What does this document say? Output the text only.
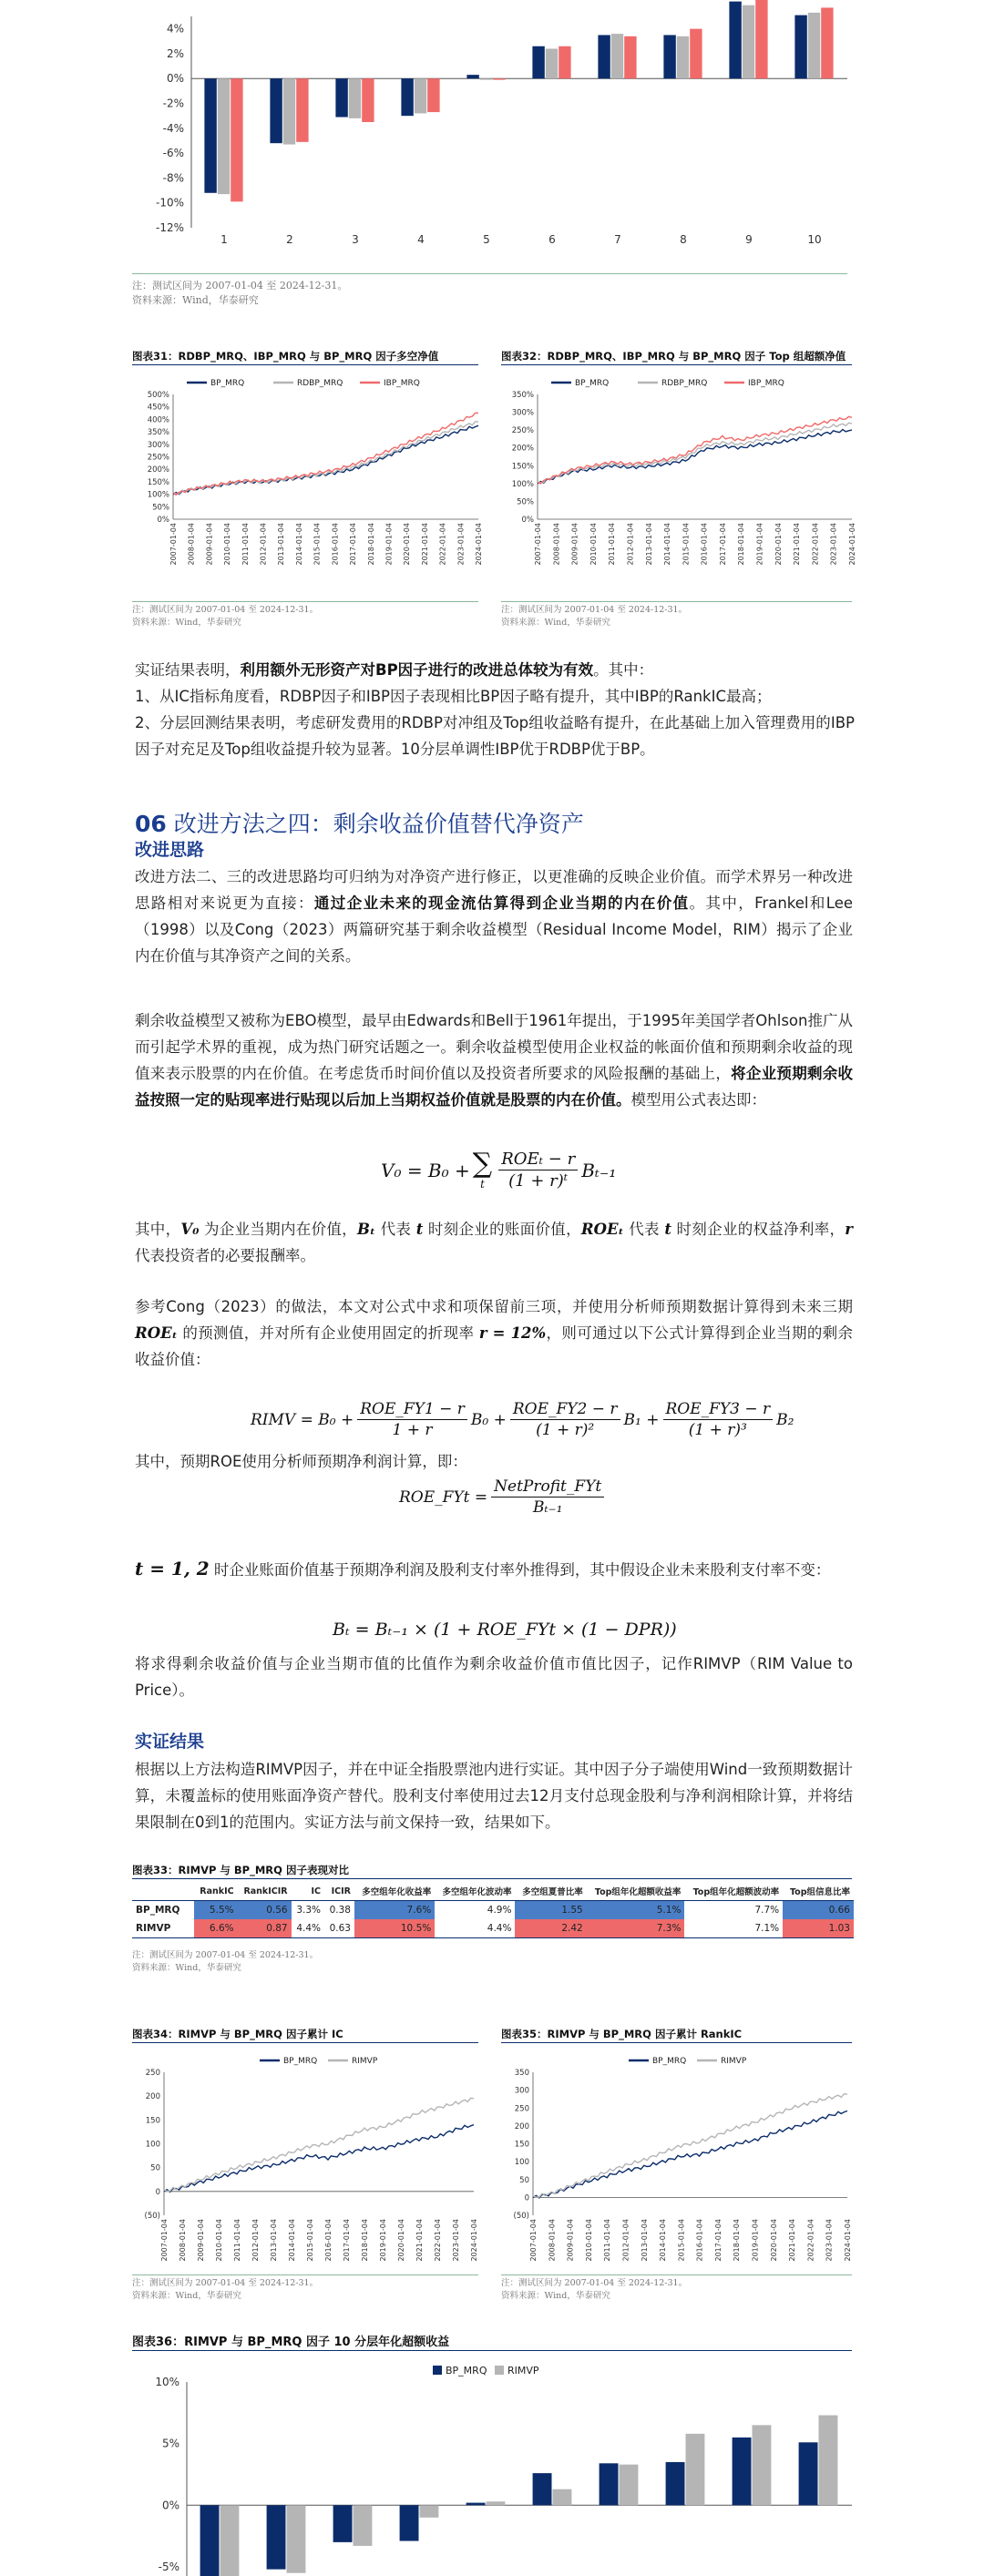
4%
2%
0%
-2%
-4%
-6%
-8%
-10%
-12%
1	2	3	4	5	6	7	8	9	10
注：测试区间为 2007-01-04 至 2024-12-31。
资料来源：Wind，华泰研究
图表31：RDBP_MRQ、IBP_MRQ 与 BP_MRQ 因子多空净值
500%
450%
400%
350%
300%
250%
200%
150%
100%
50%
0%
2007-01-04 2008-01-04 2009-01-04 2010-01-04 2011-01-04 2012-01-04 2013-01-04 2014-01-04 2015-01-04 2016-01-04 2017-01-04 2018-01-04 2019-01-04 2020-01-04 2021-01-04 2022-01-04 2023-01-04 2024-01-04
BP_MRQ	RDBP_MRQ	IBP_MRQ
注：测试区间为 2007-01-04 至 2024-12-31。
资料来源：Wind，华泰研究
图表32：RDBP_MRQ、IBP_MRQ 与 BP_MRQ 因子 Top 组超额净值
350%
300%
250%
200%
150%
100%
50%
0%
2007-01-04 2008-01-04 2009-01-04 2010-01-04 2011-01-04 2012-01-04 2013-01-04 2014-01-04 2015-01-04 2016-01-04 2017-01-04 2018-01-04 2019-01-04 2020-01-04 2021-01-04 2022-01-04 2023-01-04 2024-01-04
BP_MRQ	RDBP_MRQ	IBP_MRQ
注：测试区间为 2007-01-04 至 2024-12-31。
资料来源：Wind，华泰研究
实证结果表明，利用额外无形资产对BP因子进行的改进总体较为有效。其中：
1、从IC指标角度看，RDBP因子和IBP因子表现相比BP因子略有提升，其中IBP的RankIC最高；
2、分层回测结果表明，考虑研发费用的RDBP对冲组及Top组收益略有提升，在此基础上加入管理费用的IBP因子对充足及Top组收益提升较为显著。10分层单调性IBP优于RDBP优于BP。
06 改进方法之四：剩余收益价值替代净资产
改进思路
改进方法二、三的改进思路均可归纳为对净资产进行修正，以更准确的反映企业价值。而学术界另一种改进思路相对来说更为直接：通过企业未来的现金流估算得到企业当期的内在价值。其中，Frankel和Lee（1998）以及Cong（2023）两篇研究基于剩余收益模型（Residual Income Model，RIM）揭示了企业内在价值与其净资产之间的关系。
剩余收益模型又被称为EBO模型，最早由Edwards和Bell于1961年提出，于1995年美国学者Ohlson推广从而引起学术界的重视，成为热门研究话题之一。剩余收益模型使用企业权益的帐面价值和预期剩余收益的现值来表示股票的内在价值。在考虑货币时间价值以及投资者所要求的风险报酬的基础上，将企业预期剩余收益按照一定的贴现率进行贴现以后加上当期权益价值就是股票的内在价值。模型用公式表达即：
V₀ = B₀ + ∑
t $\frac{\text{ROEₜ − r}}{\text{(1 + r)ᵗ}} B_{t-1}$
其中，V₀ 为企业当期内在价值，Bₜ 代表 t 时刻企业的账面价值，ROEₜ 代表 t 时刻企业的权益净利率，r 代表投资者的必要报酬率。
参考Cong（2023）的做法，本文对公式中求和项保留前三项，并使用分析师预期数据计算得到未来三期 ROEₜ 的预测值，并对所有企业使用固定的折现率 r = 12%，则可通过以下公式计算得到企业当期的剩余收益价值：
RIMV = $B_0 + \frac{\text{ROE\_FY1 − r}}{1 + r} B_0 + \frac{\text{ROE\_FY2 − r}}{\text{(1 + r)²}} B_1 + \frac{\text{ROE\_FY3 − r}}{\text{(1 + r)³}} B_2$
其中，预期ROE使用分析师预期净利润计算，即：
ROE_FYt = $\frac{\text{NetProfit\_FYt}}{\text{Bₜ₋₁}}$
t = 1, 2 时企业账面价值基于预期净利润及股利支付率外推得到，其中假设企业未来股利支付率不变：
Bₜ = Bₜ₋₁ × (1 + ROE_FYt × (1 − DPR))
将求得剩余收益价值与企业当期市值的比值作为剩余收益价值市值比因子，记作RIMVP（RIM Value to Price）。
实证结果
根据以上方法构造RIMVP因子，并在中证全指股票池内进行实证。其中因子分子端使用Wind一致预期数据计算，未覆盖标的使用账面净资产替代。股利支付率使用过去12月支付总现金股利与净利润相除计算，并将结果限制在0到1的范围内。实证方法与前文保持一致，结果如下。
图表33：RIMVP 与 BP_MRQ 因子表现对比
	RankIC	RankICIR	IC	ICIR	多空组年化收益率	多空组年化波动率	多空组夏普比率	Top组年化超额收益率	Top组年化超额波动率	Top组信息比率
BP_MRQ	5.5%	0.56	3.3%	0.38	7.6%	4.9%	1.55	5.1%	7.7%	0.66
RIMVP	6.6%	0.87	4.4%	0.63	10.5%	4.4%	2.42	7.3%	7.1%	1.03
注：测试区间为 2007-01-04 至 2024-12-31。
资料来源：Wind，华泰研究
图表34：RIMVP 与 BP_MRQ 因子累计 IC
250
200
150
100
50
0
(50)
2007-01-04 2008-01-04 2009-01-04 2010-01-04 2011-01-04 2012-01-04 2013-01-04 2014-01-04 2015-01-04 2016-01-04 2017-01-04 2018-01-04 2019-01-04 2020-01-04 2021-01-04 2022-01-04 2023-01-04 2024-01-04
BP_MRQ	RIMVP
注：测试区间为 2007-01-04 至 2024-12-31。
资料来源：Wind，华泰研究
图表35：RIMVP 与 BP_MRQ 因子累计 RankIC
350
300
250
200
150
100
50
0
(50)
2007-01-04 2008-01-04 2009-01-04 2010-01-04 2011-01-04 2012-01-04 2013-01-04 2014-01-04 2015-01-04 2016-01-04 2017-01-04 2018-01-04 2019-01-04 2020-01-04 2021-01-04 2022-01-04 2023-01-04 2024-01-04
BP_MRQ	RIMVP
注：测试区间为 2007-01-04 至 2024-12-31。
资料来源：Wind，华泰研究
图表36：RIMVP 与 BP_MRQ 因子 10 分层年化超额收益
10%
5%
0%
-5%
BP_MRQ RIMVP
